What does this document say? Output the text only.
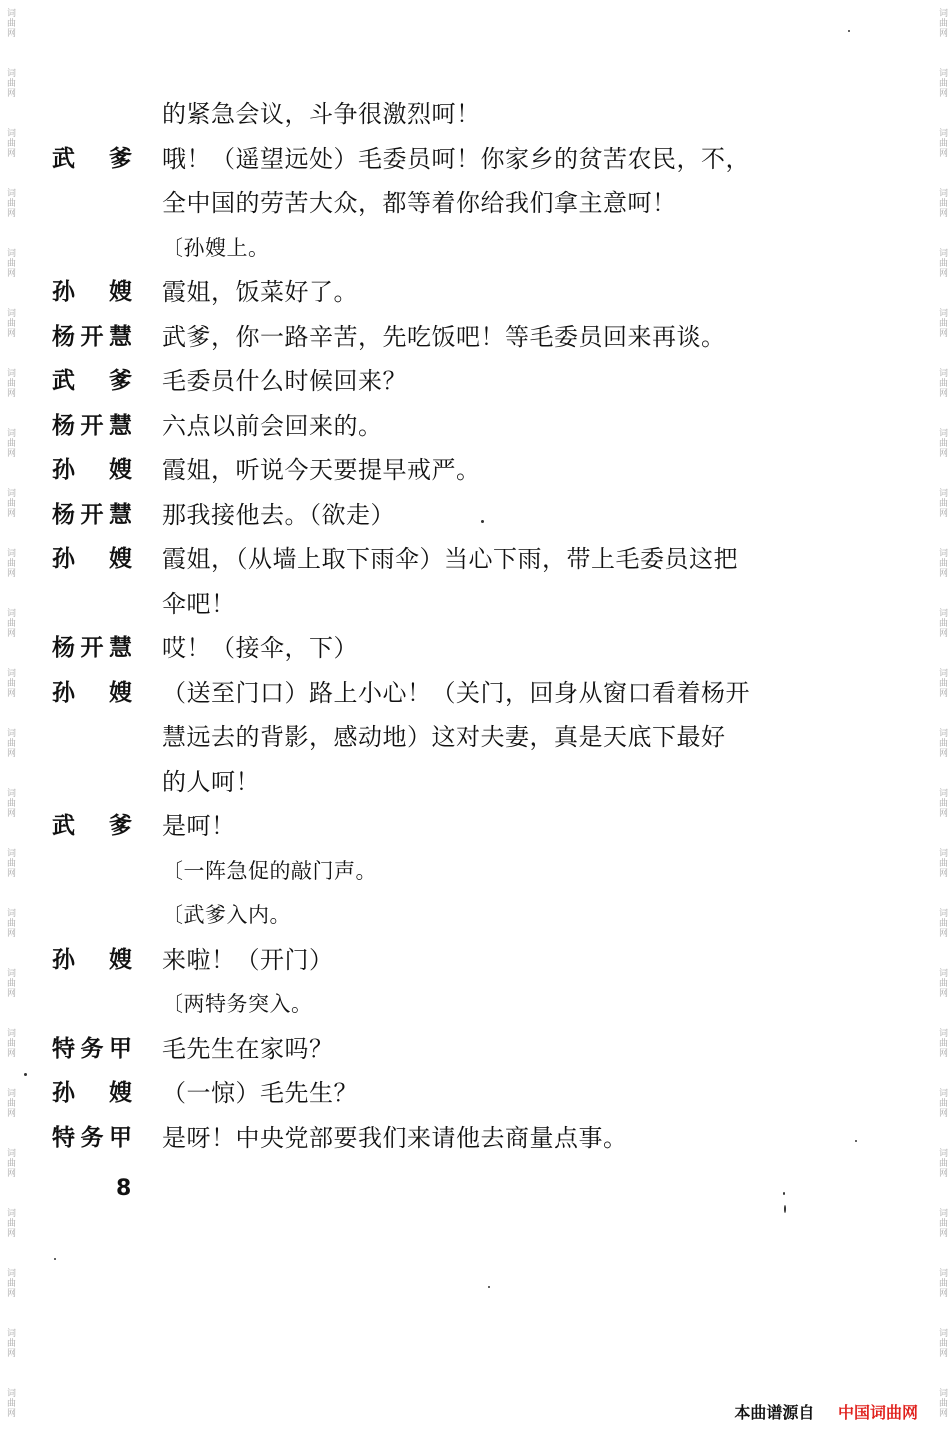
词曲网
词曲网
词曲网
词曲网
词曲网
词曲网
词曲网
词曲网
词曲网
词曲网
词曲网
词曲网
词曲网
词曲网
词曲网
词曲网
词曲网
词曲网
词曲网
词曲网
词曲网
词曲网
词曲网
词曲网
词曲网
词曲网
词曲网
词曲网
词曲网
词曲网
词曲网
词曲网
词曲网
词曲网
词曲网
词曲网
词曲网
词曲网
词曲网
词曲网
词曲网
词曲网
词曲网
词曲网
词曲网
词曲网
词曲网
词曲网
的紧急会议，斗争很激烈呵！
武　爹 哦！（遥望远处）毛委员呵！你家乡的贫苦农民，不，
全中国的劳苦大众，都等着你给我们拿主意呵！
〔孙嫂上。
孙　嫂 霞姐，饭菜好了。
杨开慧 武爹，你一路辛苦，先吃饭吧！等毛委员回来再谈。
武　爹 毛委员什么时候回来？
杨开慧 六点以前会回来的。
孙　嫂 霞姐，听说今天要提早戒严。
杨开慧 那我接他去。（欲走）
孙　嫂 霞姐，（从墙上取下雨伞）当心下雨，带上毛委员这把
伞吧！
杨开慧 哎！（接伞，下）
孙　嫂 （送至门口）路上小心！（关门，回身从窗口看着杨开
慧远去的背影，感动地）这对夫妻，真是天底下最好
的人呵！
武　爹 是呵！
〔一阵急促的敲门声。
〔武爹入内。
孙　嫂 来啦！（开门）
〔两特务突入。
特务甲 毛先生在家吗？
孙　嫂 （一惊）毛先生？
特务甲 是呀！中央党部要我们来请他去商量点事。
8
本曲谱源自 中国词曲网
